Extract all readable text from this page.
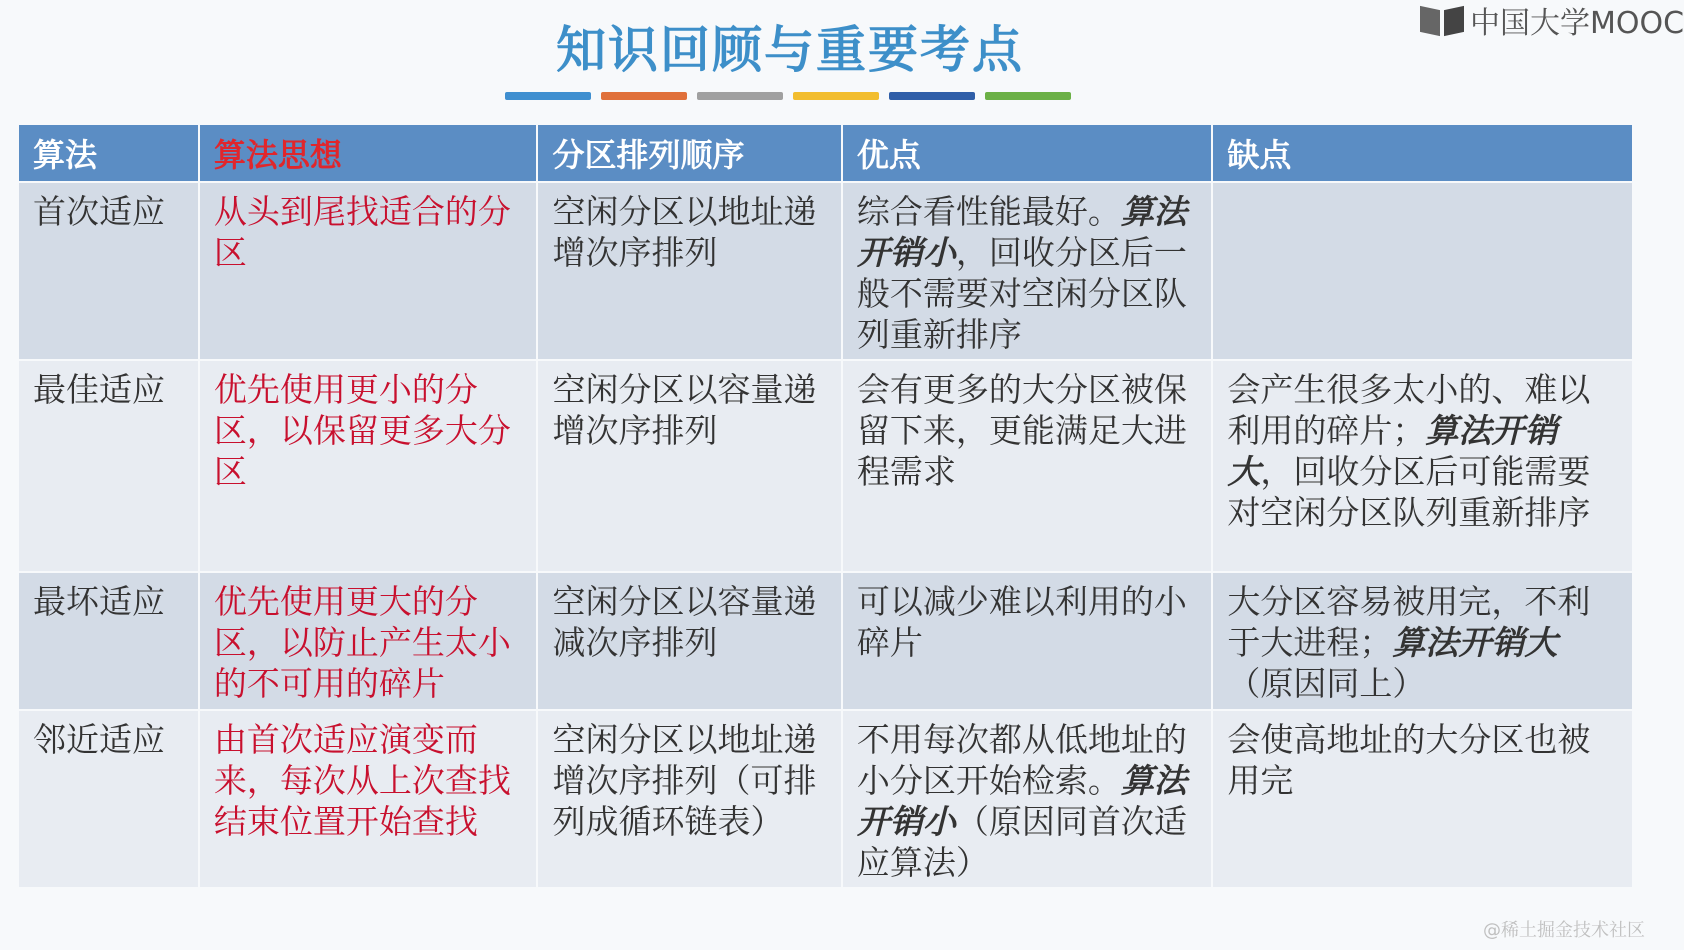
知识回顾与重要考点	中国大学MOOC
算法	算法思想	分区排列顺序	优点	缺点
首次适应	从头到尾找适合的分区	空闲分区以地址递增次序排列	综合看性能最好。算法开销小，回收分区后一般不需要对空闲分区队列重新排序	
最佳适应	优先使用更小的分区，以保留更多大分区	空闲分区以容量递增次序排列	会有更多的大分区被保留下来，更能满足大进程需求	会产生很多太小的、难以利用的碎片；算法开销大，回收分区后可能需要对空闲分区队列重新排序
最坏适应	优先使用更大的分区，以防止产生太小的不可用的碎片	空闲分区以容量递减次序排列	可以减少难以利用的小碎片	大分区容易被用完，不利于大进程；算法开销大（原因同上）
邻近适应	由首次适应演变而来，每次从上次查找结束位置开始查找	空闲分区以地址递增次序排列（可排列成循环链表）	不用每次都从低地址的小分区开始检索。算法开销小（原因同首次适应算法）	会使高地址的大分区也被用完
@稀土掘金技术社区
